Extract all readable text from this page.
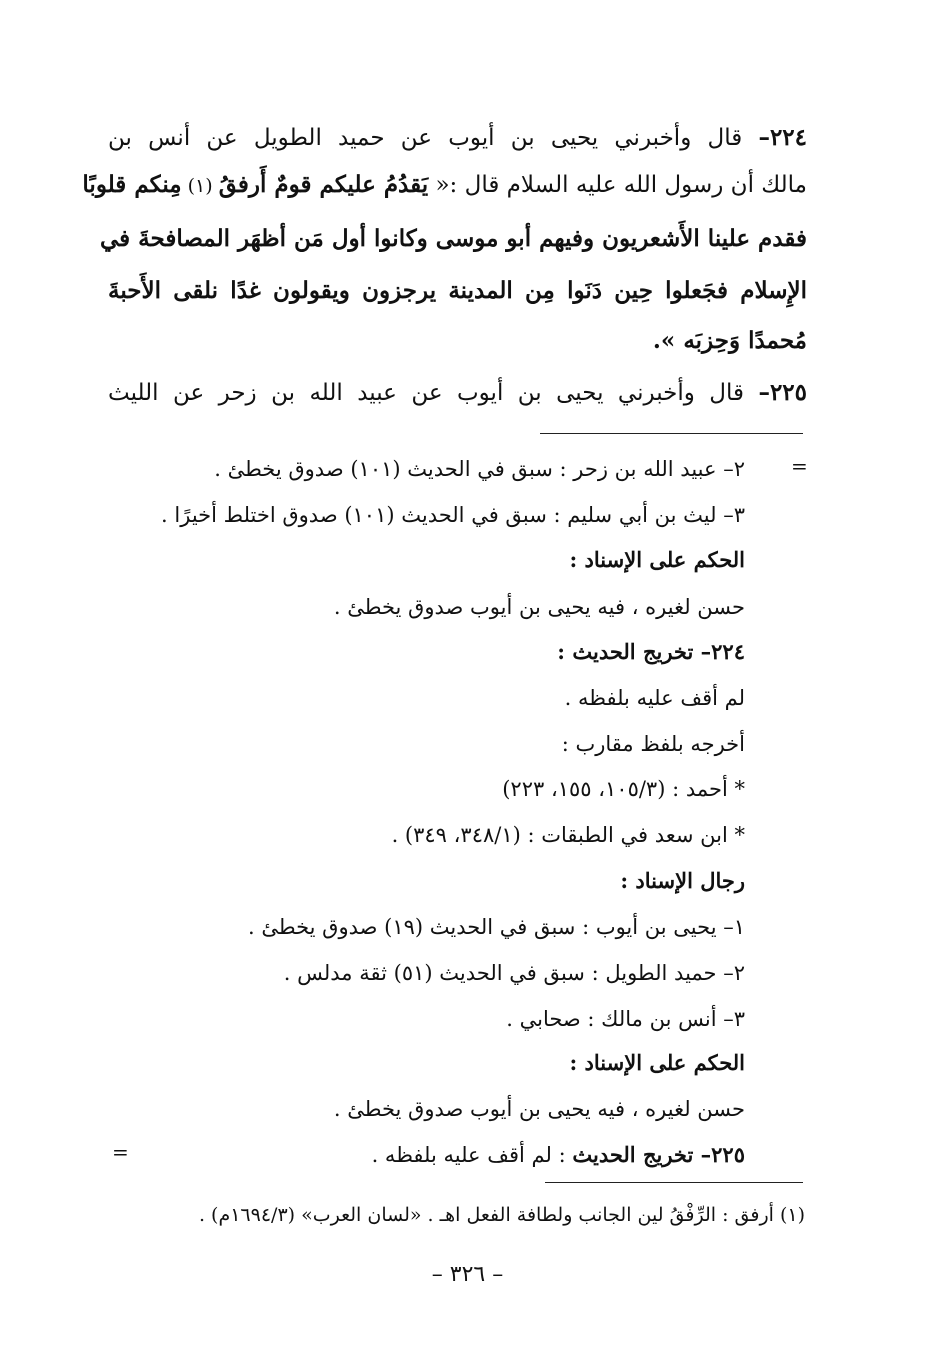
٢٢٤– قال وأخبرني يحيى بن أيوب عن حميد الطويل عن أنس بن
مالك أن رسول الله عليه السلام قال :« يَقدُمُ عليكم قومٌ أَرفقُ (١) مِنكم قلوبًا
فقدم علينا الأَشعريون وفيهم أبو موسى وكانوا أول مَن أظهَر المصافحةَ في
الإِسلام فجَعلوا حِين دَنَوا مِن المدينة يرجزون ويقولون غدًا نلقى الأَحبةَ
مُحمدًا وَحِزبَه ».
٢٢٥– قال وأخبرني يحيى بن أيوب عن عبيد الله بن زحر عن الليث
=
٢– عبيد الله بن زحر : سبق في الحديث (١٠١) صدوق يخطئ .
٣– ليث بن أبي سليم : سبق في الحديث (١٠١) صدوق اختلط أخيرًا .
الحكم على الإسناد :
حسن لغيره ، فيه يحيى بن أيوب صدوق يخطئ .
٢٢٤– تخريج الحديث :
لم أقف عليه بلفظه .
أخرجه بلفظ مقارب :
* أحمد : (١٠٥/٣، ١٥٥، ٢٢٣)
* ابن سعد في الطبقات : (٣٤٨/١، ٣٤٩) .
رجال الإسناد :
١– يحيى بن أيوب : سبق في الحديث (١٩) صدوق يخطئ .
٢– حميد الطويل : سبق في الحديث (٥١) ثقة مدلس .
٣– أنس بن مالك : صحابي .
الحكم على الإسناد :
حسن لغيره ، فيه يحيى بن أيوب صدوق يخطئ .
٢٢٥– تخريج الحديث : لم أقف عليه بلفظه .
=
(١) أرفق : الرِّفْقُ لين الجانب ولطافة الفعل اهـ . «لسان العرب» (١٦٩٤/٣م) .
– ٣٢٦ –
